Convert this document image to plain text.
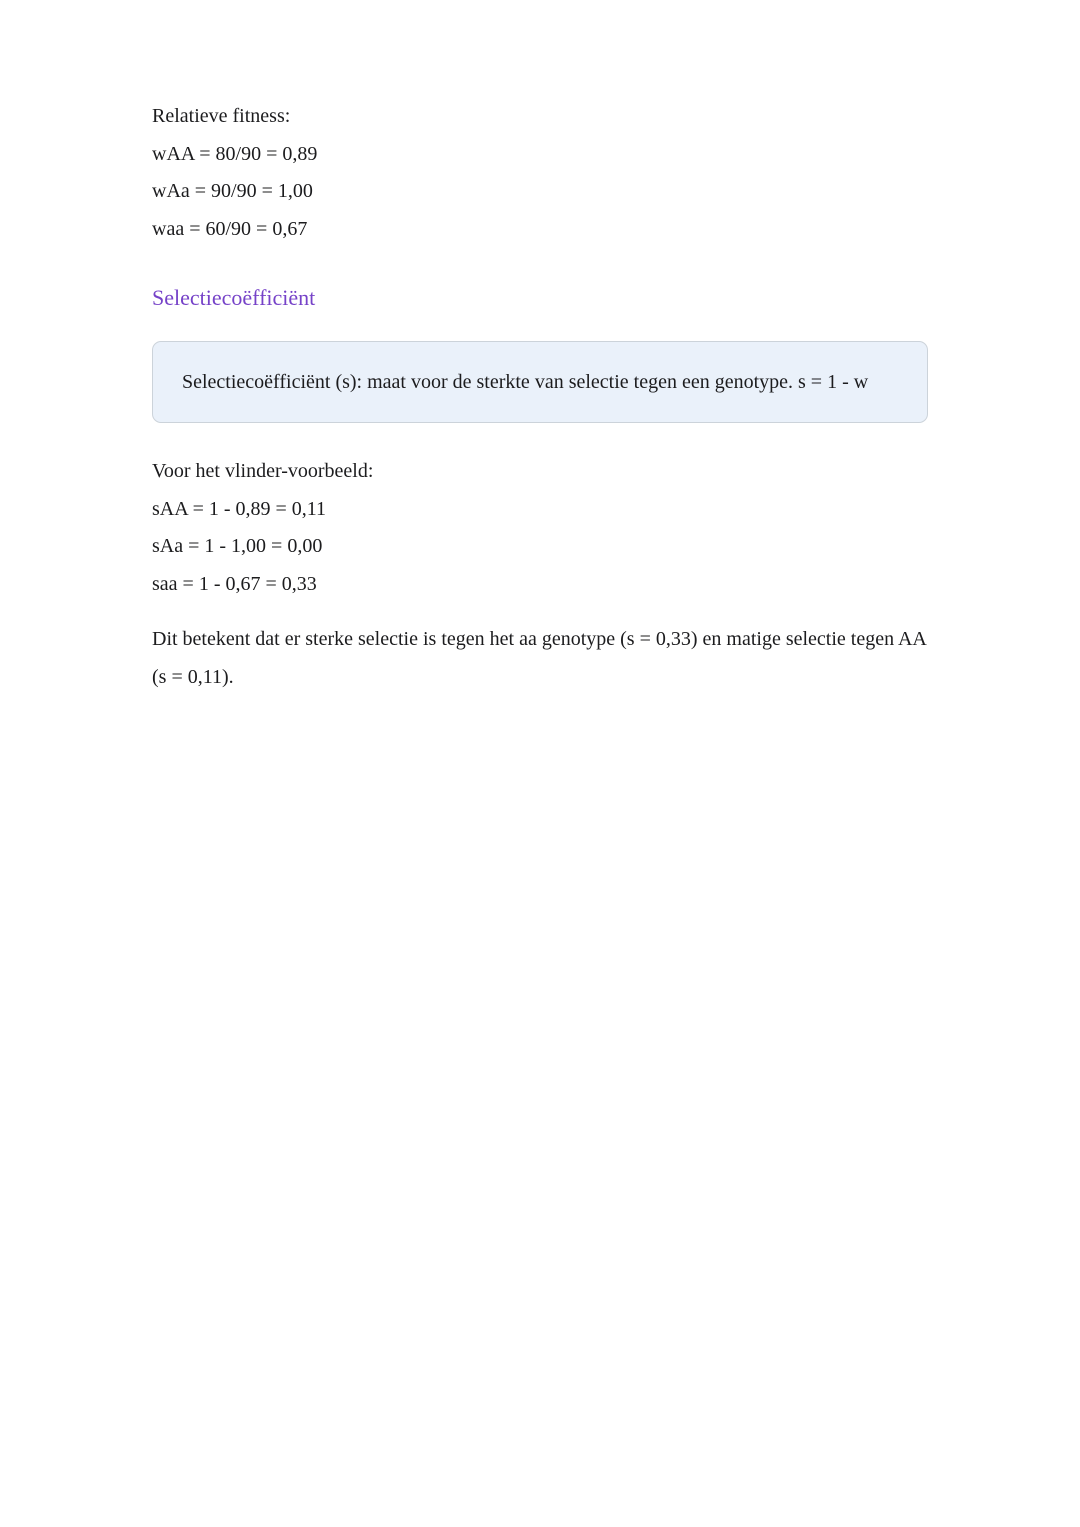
Relatieve fitness:

wAA = 80/90 = 0,89

wAa = 90/90 = 1,00

waa = 60/90 = 0,67

Selectiecoëfficiënt

Selectiecoëfficiënt (s): maat voor de sterkte van selectie tegen een genotype. s = 1 - w

Voor het vlinder-voorbeeld:

sAA = 1 - 0,89 = 0,11

sAa = 1 - 1,00 = 0,00

saa = 1 - 0,67 = 0,33

Dit betekent dat er sterke selectie is tegen het aa genotype (s = 0,33) en matige selectie tegen AA (s = 0,11).
